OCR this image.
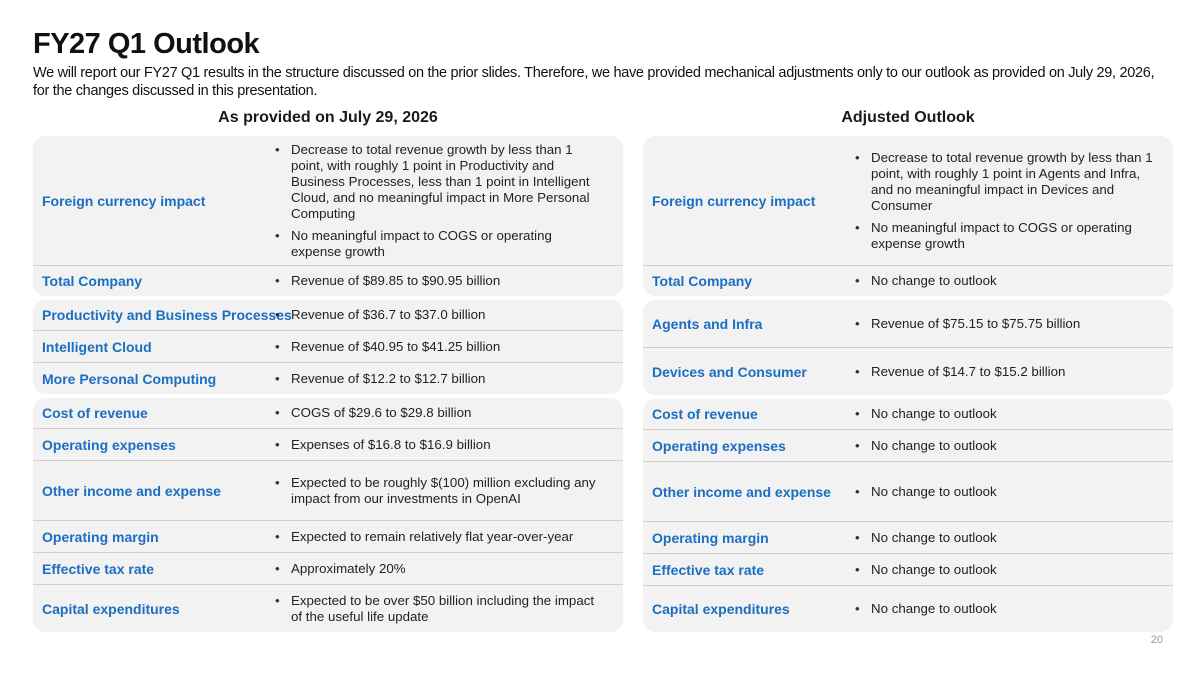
FY27 Q1 Outlook
We will report our FY27 Q1 results in the structure discussed on the prior slides. Therefore, we have provided mechanical adjustments only to our outlook as provided on July 29, 2026, for the changes discussed in this presentation.
As provided on July 29, 2026	Adjusted Outlook
Foreign currency impact
• Decrease to total revenue growth by less than 1 point, with roughly 1 point in Productivity and Business Processes, less than 1 point in Intelligent Cloud, and no meaningful impact in More Personal Computing
• No meaningful impact to COGS or operating expense growth
Total Company	• Revenue of $89.85 to $90.95 billion
Productivity and Business Processes • Revenue of $36.7 to $37.0 billion
Intelligent Cloud	• Revenue of $40.95 to $41.25 billion
More Personal Computing	• Revenue of $12.2 to $12.7 billion
Cost of revenue	• COGS of $29.6 to $29.8 billion
Operating expenses	• Expenses of $16.8 to $16.9 billion
Other income and expense
• Expected to be roughly $(100) million excluding any impact from our investments in OpenAI
Operating margin	• Expected to remain relatively flat year-over-year
Effective tax rate	• Approximately 20%
Capital expenditures
• Expected to be over $50 billion including the impact of the useful life update
Foreign currency impact
• Decrease to total revenue growth by less than 1 point, with roughly 1 point in Agents and Infra, and no meaningful impact in Devices and Consumer
• No meaningful impact to COGS or operating expense growth
Total Company	• No change to outlook
Agents and Infra	• Revenue of $75.15 to $75.75 billion
Devices and Consumer	• Revenue of $14.7 to $15.2 billion
Cost of revenue	• No change to outlook
Operating expenses	• No change to outlook
Other income and expense	• No change to outlook
Operating margin	• No change to outlook
Effective tax rate	• No change to outlook
Capital expenditures	• No change to outlook
20
